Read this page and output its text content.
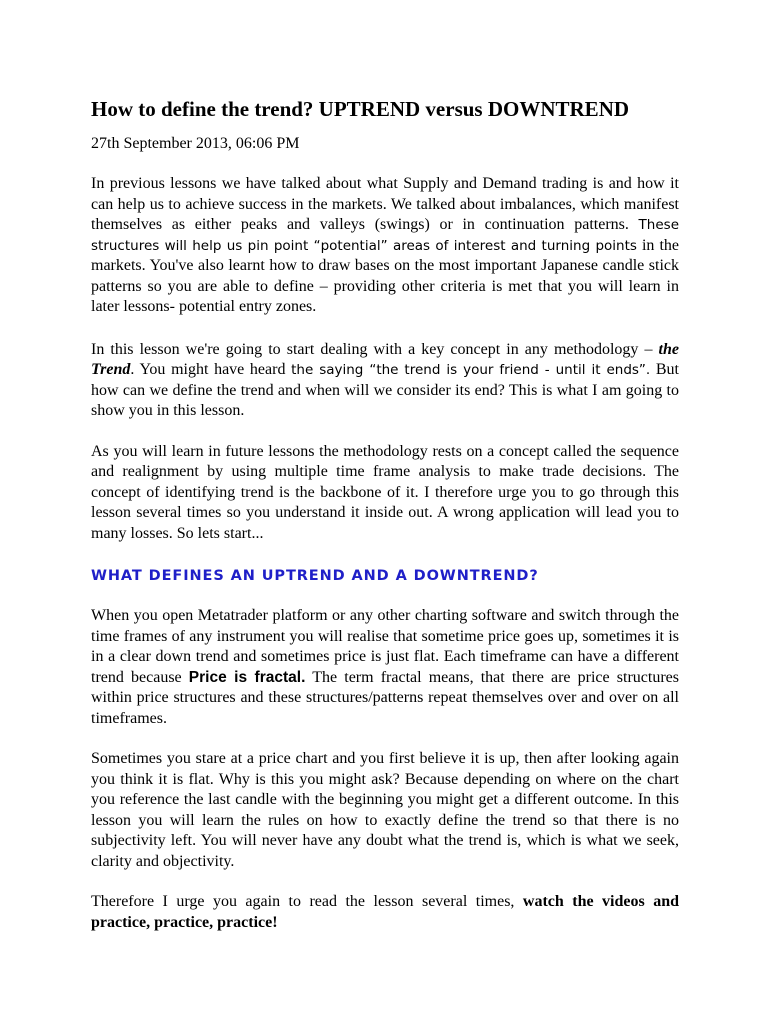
How to define the trend? UPTREND versus DOWNTREND
27th September 2013, 06:06 PM

In previous lessons we have talked about what Supply and Demand trading is and how it can help us to achieve success in the markets. We talked about imbalances, which manifest themselves as either peaks and valleys (swings) or in continuation patterns. These structures will help us pin point “potential” areas of interest and turning points in the markets. You've also learnt how to draw bases on the most important Japanese candle stick patterns so you are able to define – providing other criteria is met that you will learn in later lessons- potential entry zones.

In this lesson we're going to start dealing with a key concept in any methodology – the Trend. You might have heard the saying “the trend is your friend - until it ends”. But how can we define the trend and when will we consider its end? This is what I am going to show you in this lesson.

As you will learn in future lessons the methodology rests on a concept called the sequence and realignment by using multiple time frame analysis to make trade decisions. The concept of identifying trend is the backbone of it. I therefore urge you to go through this lesson several times so you understand it inside out. A wrong application will lead you to many losses. So lets start...

WHAT DEFINES AN UPTREND AND A DOWNTREND?

When you open Metatrader platform or any other charting software and switch through the time frames of any instrument you will realise that sometime price goes up, sometimes it is in a clear down trend and sometimes price is just flat. Each timeframe can have a different trend because Price is fractal. The term fractal means, that there are price structures within price structures and these structures/patterns repeat themselves over and over on all timeframes.

Sometimes you stare at a price chart and you first believe it is up, then after looking again you think it is flat. Why is this you might ask? Because depending on where on the chart you reference the last candle with the beginning you might get a different outcome. In this lesson you will learn the rules on how to exactly define the trend so that there is no subjectivity left. You will never have any doubt what the trend is, which is what we seek, clarity and objectivity.

Therefore I urge you again to read the lesson several times, watch the videos and practice, practice, practice!
